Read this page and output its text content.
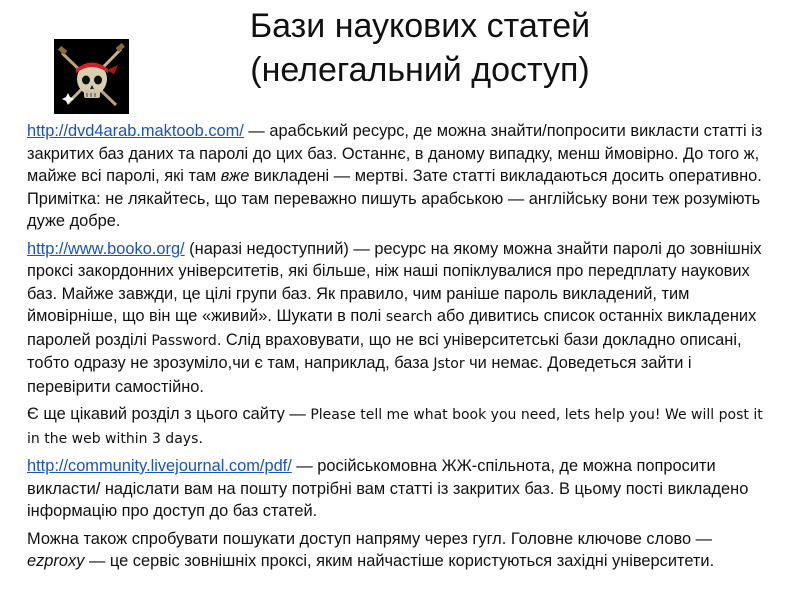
Бази наукових статей
(нелегальний доступ)

http://dvd4arab.maktoob.com/ — арабський ресурс, де можна знайти/попросити викласти статті із закритих баз даних та паролі до цих баз. Останнє, в даному випадку, менш ймовірно. До того ж, майже всі паролі, які там вже викладені — мертві. Зате статті викладаються досить оперативно. Примітка: не лякайтесь, що там переважно пишуть арабською — англійську вони теж розуміють дуже добре.

http://www.booko.org/ (наразі недоступний) — ресурс на якому можна знайти паролі до зовнішніх проксі закордонних університетів, які більше, ніж наші попіклувалися про передплату наукових баз. Майже завжди, це цілі групи баз. Як правило, чим раніше пароль викладений, тим ймовірніше, що він ще «живий». Шукати в полі search або дивитись список останніх викладених паролей розділі Password. Слід враховувати, що не всі університетські бази докладно описані, тобто одразу не зрозуміло,чи є там, наприклад, база Jstor чи немає. Доведеться зайти і перевірити самостійно.

Є ще цікавий розділ з цього сайту — Please tell me what book you need, lets help you! We will post it in the web within 3 days.

http://community.livejournal.com/pdf/ — російськомовна ЖЖ-спільнота, де можна попросити викласти/ надіслати вам на пошту потрібні вам статті із закритих баз. В цьому пості викладено інформацію про доступ до баз статей.

Можна також спробувати пошукати доступ напряму через гугл. Головне ключове слово — ezproxy — це сервіс зовнішніх проксі, яким найчастіше користуються західні університети.
